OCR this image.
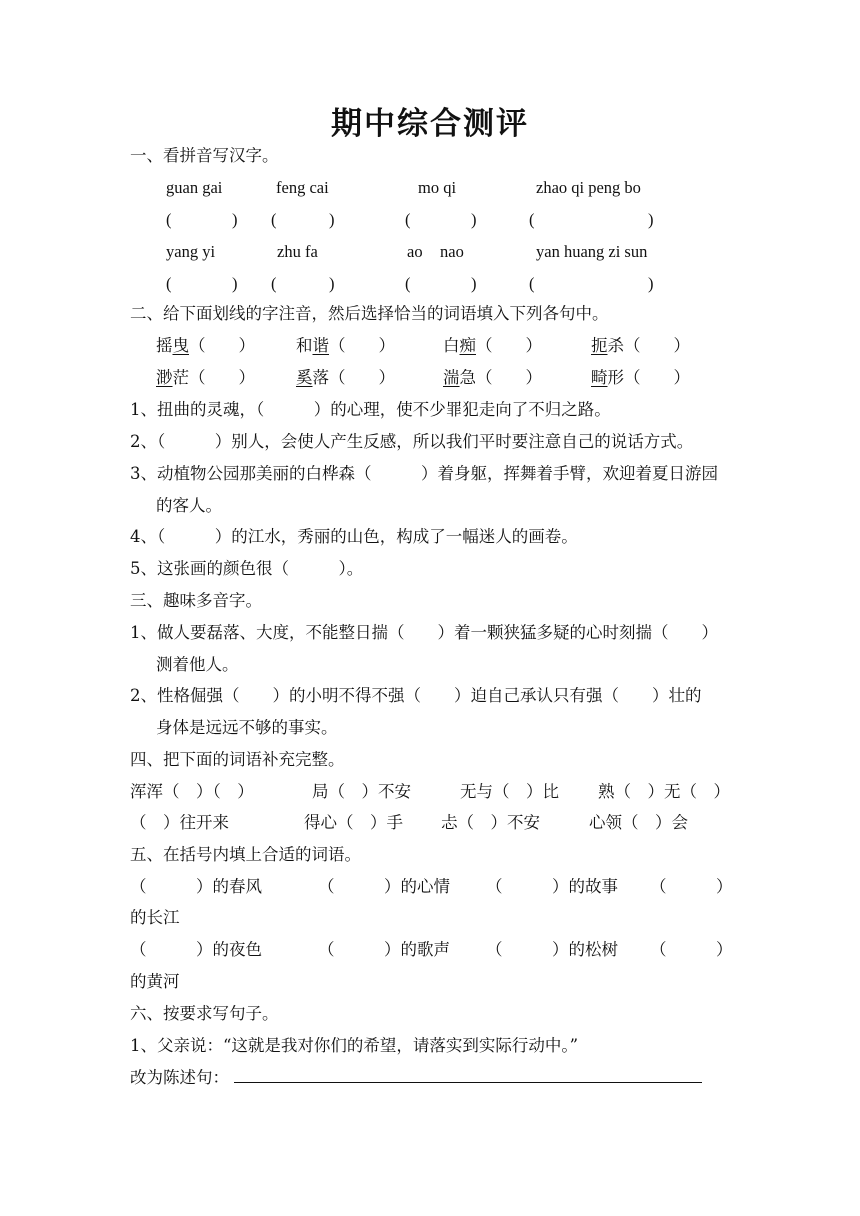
期中综合测评
一、看拼音写汉字。
guan gai	feng cai	mo qi	zhao qi peng bo
(	) (	)	(	)	(	)
yang yi	zhu fa	ao nao	yan huang zi sun
(	) (	)	(	)	(	)
二、给下面划线的字注音，然后选择恰当的词语填入下列各句中。
摇曳（　　） 和谐（　　）	白痴（　　）	扼杀（　　）
渺茫（　　） 奚落（　　）	湍急（　　）	畸形（　　）
1、扭曲的灵魂，（　　　）的心理，使不少罪犯走向了不归之路。
2、（　　　）别人，会使人产生反感，所以我们平时要注意自己的说话方式。
3、动植物公园那美丽的白桦森（　　　）着身躯，挥舞着手臂，欢迎着夏日游园
的客人。
4、（　　　）的江水，秀丽的山色，构成了一幅迷人的画卷。
5、这张画的颜色很（　　　）。
三、趣味多音字。
1、做人要磊落、大度，不能整日揣（　　）着一颗狭猛多疑的心时刻揣（　　）
测着他人。
2、性格倔强（　　）的小明不得不强（　　）迫自己承认只有强（　　）壮的
身体是远远不够的事实。
四、把下面的词语补充完整。
浑浑（　）（　）	局（　）不安	无与（　）比 熟（　）无（　）
（　）往开来	得心（　）手 忐（　）不安	心领（　）会
五、在括号内填上合适的词语。
（　　　）的春风	（　　　）的心情 （　　　）的故事 （　　　）
的长江
（　　　）的夜色	（　　　）的歌声 （　　　）的松树 （　　　）
的黄河
六、按要求写句子。
1、父亲说：“这就是我对你们的希望，请落实到实际行动中。”
改为陈述句：
